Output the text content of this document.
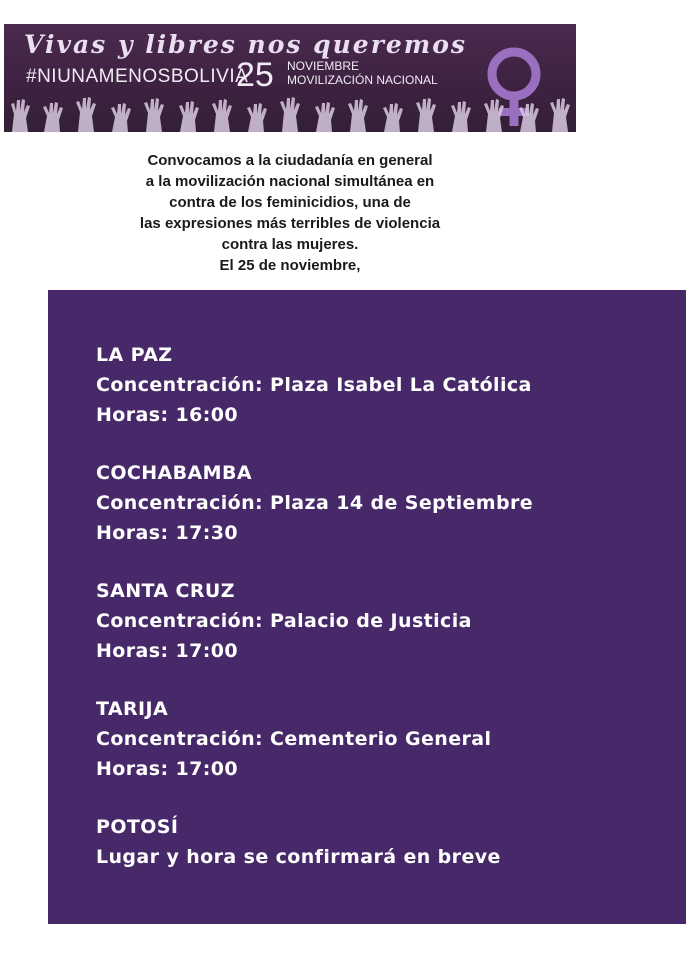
Vivas y libres nos queremos
#NIUNAMENOSBOLIVIA
25 NOVIEMBRE
MOVILIZACIÓN NACIONAL
Convocamos a la ciudadanía en general
a la movilización nacional simultánea en
contra de los feminicidios, una de
las expresiones más terribles de violencia
contra las mujeres.
El 25 de noviembre,
LA PAZ
Concentración: Plaza Isabel La Católica
Horas: 16:00
COCHABAMBA
Concentración: Plaza 14 de Septiembre
Horas: 17:30
SANTA CRUZ
Concentración: Palacio de Justicia
Horas: 17:00
TARIJA
Concentración: Cementerio General
Horas: 17:00
POTOSÍ
Lugar y hora se confirmará en breve
